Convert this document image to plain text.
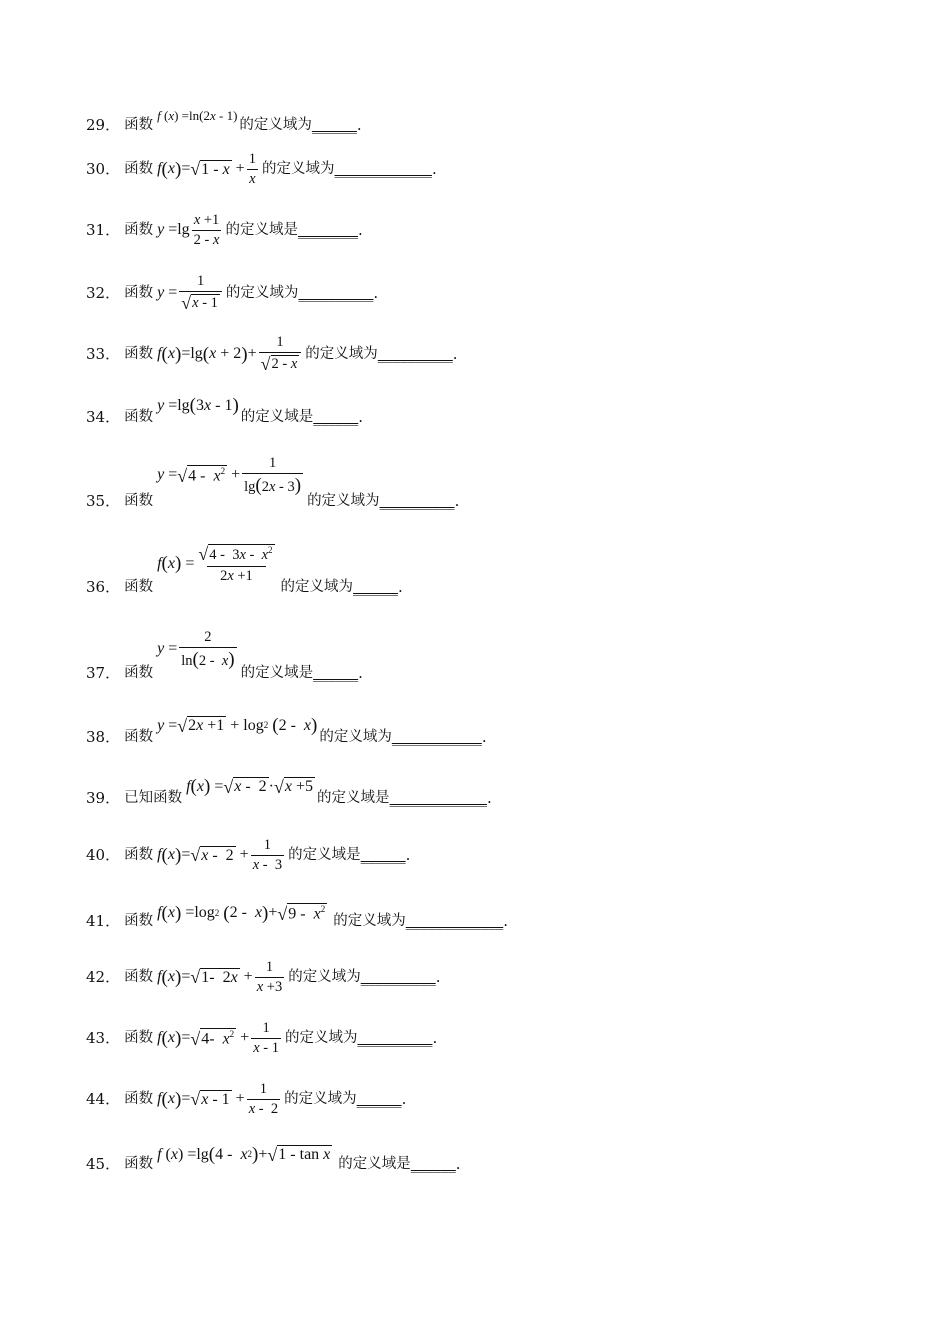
29． 函数
f ( x ) =ln(2 x - 1)
的定义域为 ______ .
30． 函数 f ( x ) = √ $1 - x + \frac{1}{x}$ 的定义域为 _____________ .
31． 函数 $y =\lg \frac{x +1}{2 - x}$ 的定义域是 ________ .
32． 函数 $y = \frac{1}{√ x - 1}$ 的定义域为 __________ .
33． 函数 f ( x ) =lg ( x + 2 ) + $\frac{1}{√ 2 - x}$ 的定义域为 __________ .
34． 函数
y =lg ( 3 x - 1 )
的定义域是 ______ .
35． 函数
y = √ $4 - x^2 + \frac{1}{\lg(2x - 3)}$
的定义域为 __________ .
36． 函数
f ( x ) = $\frac{√ 4 - 3x - x^2}{2x +1}$
的定义域为 ______ .
37． 函数
$y = \frac{2}{\ln(2 - x)}$
的定义域是 ______ .
38． 函数
y = √ 2x +1 + log 2
( 2 - x )
的定义域为 ____________ .
39． 已知函数
f ( x ) = √ x -  2 · √ x +5
的定义域是 _____________ .
40． 函数 f ( x ) = √ $x - 2 + \frac{1}{x - 3}$ 的定义域是 ______ .
41． 函数 f ( x ) =log 2
( 2 - x ) + √ $9 - x^2$
的定义域为 _____________ .
42． 函数 f ( x ) = √ 1-  $2x + \frac{1}{x +3}$ 的定义域为 __________ .
43． 函数 f ( x ) = √ 4-  $x^2 + \frac{1}{x - 1}$ 的定义域为 __________ .
44． 函数 f ( x ) = √ $x - 1 + \frac{1}{x - 2}$ 的定义域为 ______ .
45． 函数
f ( x ) =lg ( 4 - x 2 ) + √ 1 - tan x
的定义域是 ______ .
